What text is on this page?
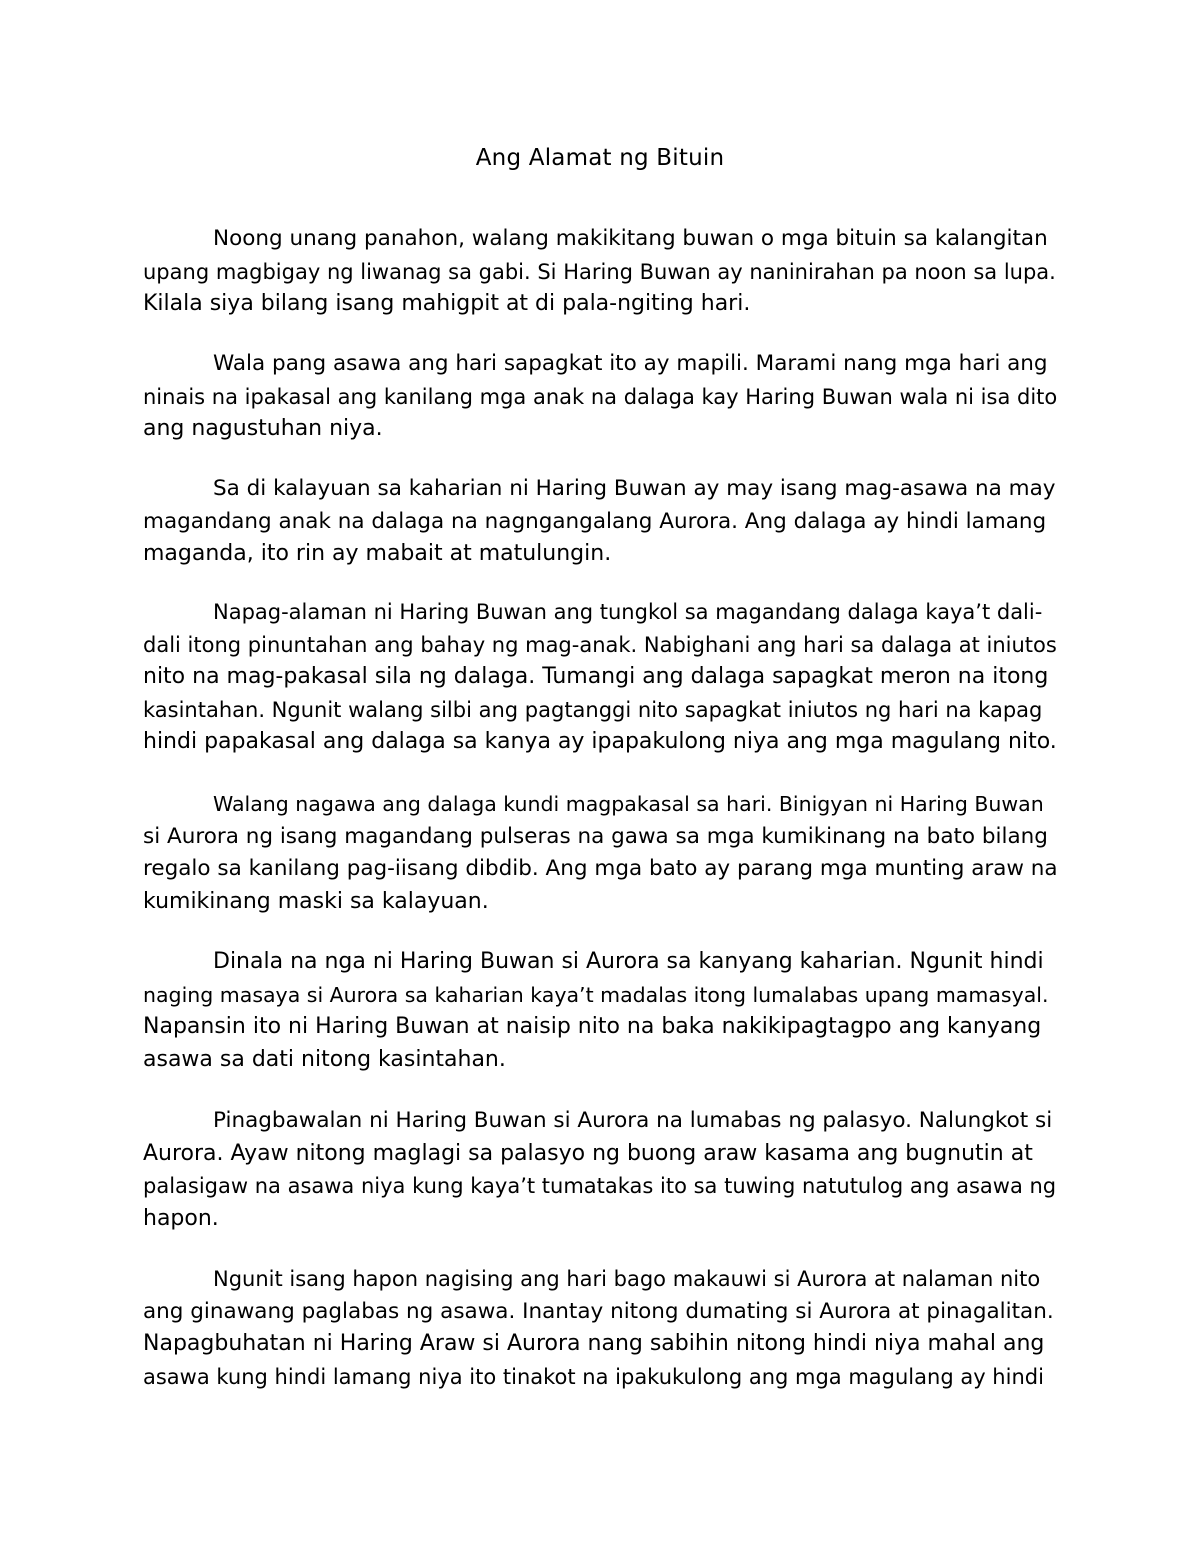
Ang Alamat ng Bituin

Noong unang panahon, walang makikitang buwan o mga bituin sa kalangitan
upang magbigay ng liwanag sa gabi. Si Haring Buwan ay naninirahan pa noon sa lupa.
Kilala siya bilang isang mahigpit at di pala-ngiting hari.

Wala pang asawa ang hari sapagkat ito ay mapili. Marami nang mga hari ang
ninais na ipakasal ang kanilang mga anak na dalaga kay Haring Buwan wala ni isa dito
ang nagustuhan niya.

Sa di kalayuan sa kaharian ni Haring Buwan ay may isang mag-asawa na may
magandang anak na dalaga na nagngangalang Aurora. Ang dalaga ay hindi lamang
maganda, ito rin ay mabait at matulungin.

Napag-alaman ni Haring Buwan ang tungkol sa magandang dalaga kaya’t dali-
dali itong pinuntahan ang bahay ng mag-anak. Nabighani ang hari sa dalaga at iniutos
nito na mag-pakasal sila ng dalaga. Tumangi ang dalaga sapagkat meron na itong
kasintahan. Ngunit walang silbi ang pagtanggi nito sapagkat iniutos ng hari na kapag
hindi papakasal ang dalaga sa kanya ay ipapakulong niya ang mga magulang nito.

Walang nagawa ang dalaga kundi magpakasal sa hari. Binigyan ni Haring Buwan
si Aurora ng isang magandang pulseras na gawa sa mga kumikinang na bato bilang
regalo sa kanilang pag-iisang dibdib. Ang mga bato ay parang mga munting araw na
kumikinang maski sa kalayuan.

Dinala na nga ni Haring Buwan si Aurora sa kanyang kaharian. Ngunit hindi
naging masaya si Aurora sa kaharian kaya’t madalas itong lumalabas upang mamasyal.
Napansin ito ni Haring Buwan at naisip nito na baka nakikipagtagpo ang kanyang
asawa sa dati nitong kasintahan.

Pinagbawalan ni Haring Buwan si Aurora na lumabas ng palasyo. Nalungkot si
Aurora. Ayaw nitong maglagi sa palasyo ng buong araw kasama ang bugnutin at
palasigaw na asawa niya kung kaya’t tumatakas ito sa tuwing natutulog ang asawa ng
hapon.

Ngunit isang hapon nagising ang hari bago makauwi si Aurora at nalaman nito
ang ginawang paglabas ng asawa. Inantay nitong dumating si Aurora at pinagalitan.
Napagbuhatan ni Haring Araw si Aurora nang sabihin nitong hindi niya mahal ang
asawa kung hindi lamang niya ito tinakot na ipakukulong ang mga magulang ay hindi
